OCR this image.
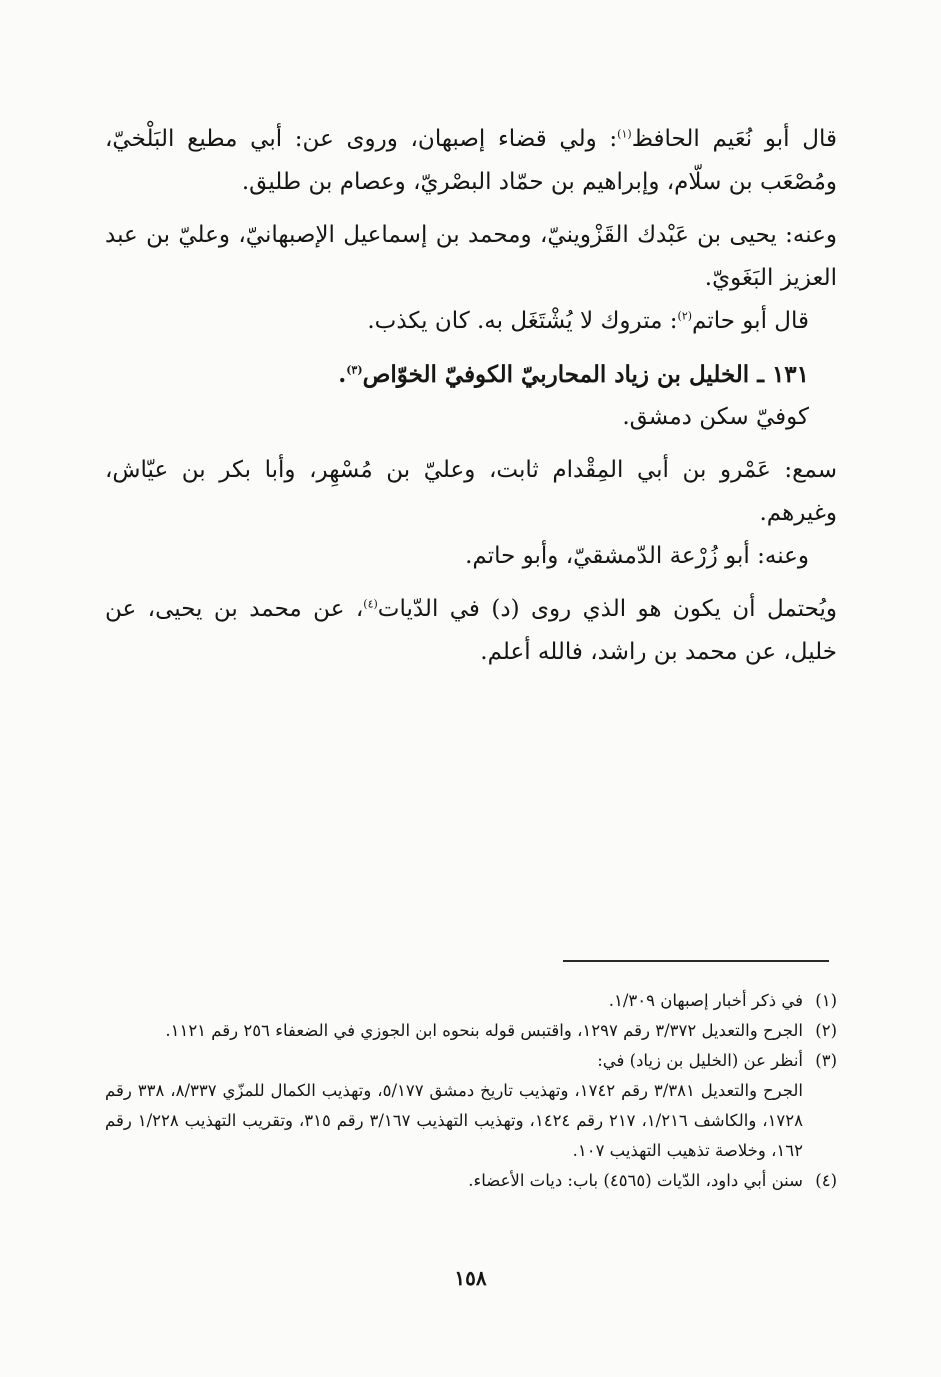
قال أبو نُعَيم الحافظ$^{(١)}$: ولي قضاء إصبهان، وروى عن: أبي مطيع البَلْخيّ، ومُصْعَب بن سلّام، وإبراهيم بن حمّاد البصْريّ، وعصام بن طليق.

وعنه: يحيى بن عَبْدك القَزْوينيّ، ومحمد بن إسماعيل الإصبهانيّ، وعليّ بن عبد العزيز البَغَويّ.

قال أبو حاتم$^{(٢)}$: متروك لا يُشْتَغَل به. كان يكذب.

١٣١ ـ الخليل بن زياد المحاربيّ الكوفيّ الخوّاص$^{(٣)}$.

كوفيّ سكن دمشق.

سمع: عَمْرو بن أبي المِقْدام ثابت، وعليّ بن مُسْهِر، وأبا بكر بن عيّاش، وغيرهم.

وعنه: أبو زُرْعة الدّمشقيّ، وأبو حاتم.

ويُحتمل أن يكون هو الذي روى (د) في الدّيات$^{(٤)}$، عن محمد بن يحيى، عن خليل، عن محمد بن راشد، فالله أعلم.

(١)
في ذكر أخبار إصبهان ١/٣٠٩.
(٢)
الجرح والتعديل ٣/٣٧٢ رقم ١٢٩٧، واقتبس قوله بنحوه ابن الجوزي في الضعفاء ٢٥٦ رقم ١١٢١.
(٣)
أنظر عن (الخليل بن زياد) في:
الجرح والتعديل ٣/٣٨١ رقم ١٧٤٢، وتهذيب تاريخ دمشق ٥/١٧٧، وتهذيب الكمال للمزّي ٨/٣٣٧، ٣٣٨ رقم ١٧٢٨، والكاشف ١/٢١٦، ٢١٧ رقم ١٤٢٤، وتهذيب التهذيب ٣/١٦٧ رقم ٣١٥، وتقريب التهذيب ١/٢٢٨ رقم ١٦٢، وخلاصة تذهيب التهذيب ١٠٧.
(٤)
سنن أبي داود، الدّيات (٤٥٦٥) باب: ديات الأعضاء.
١٥٨
